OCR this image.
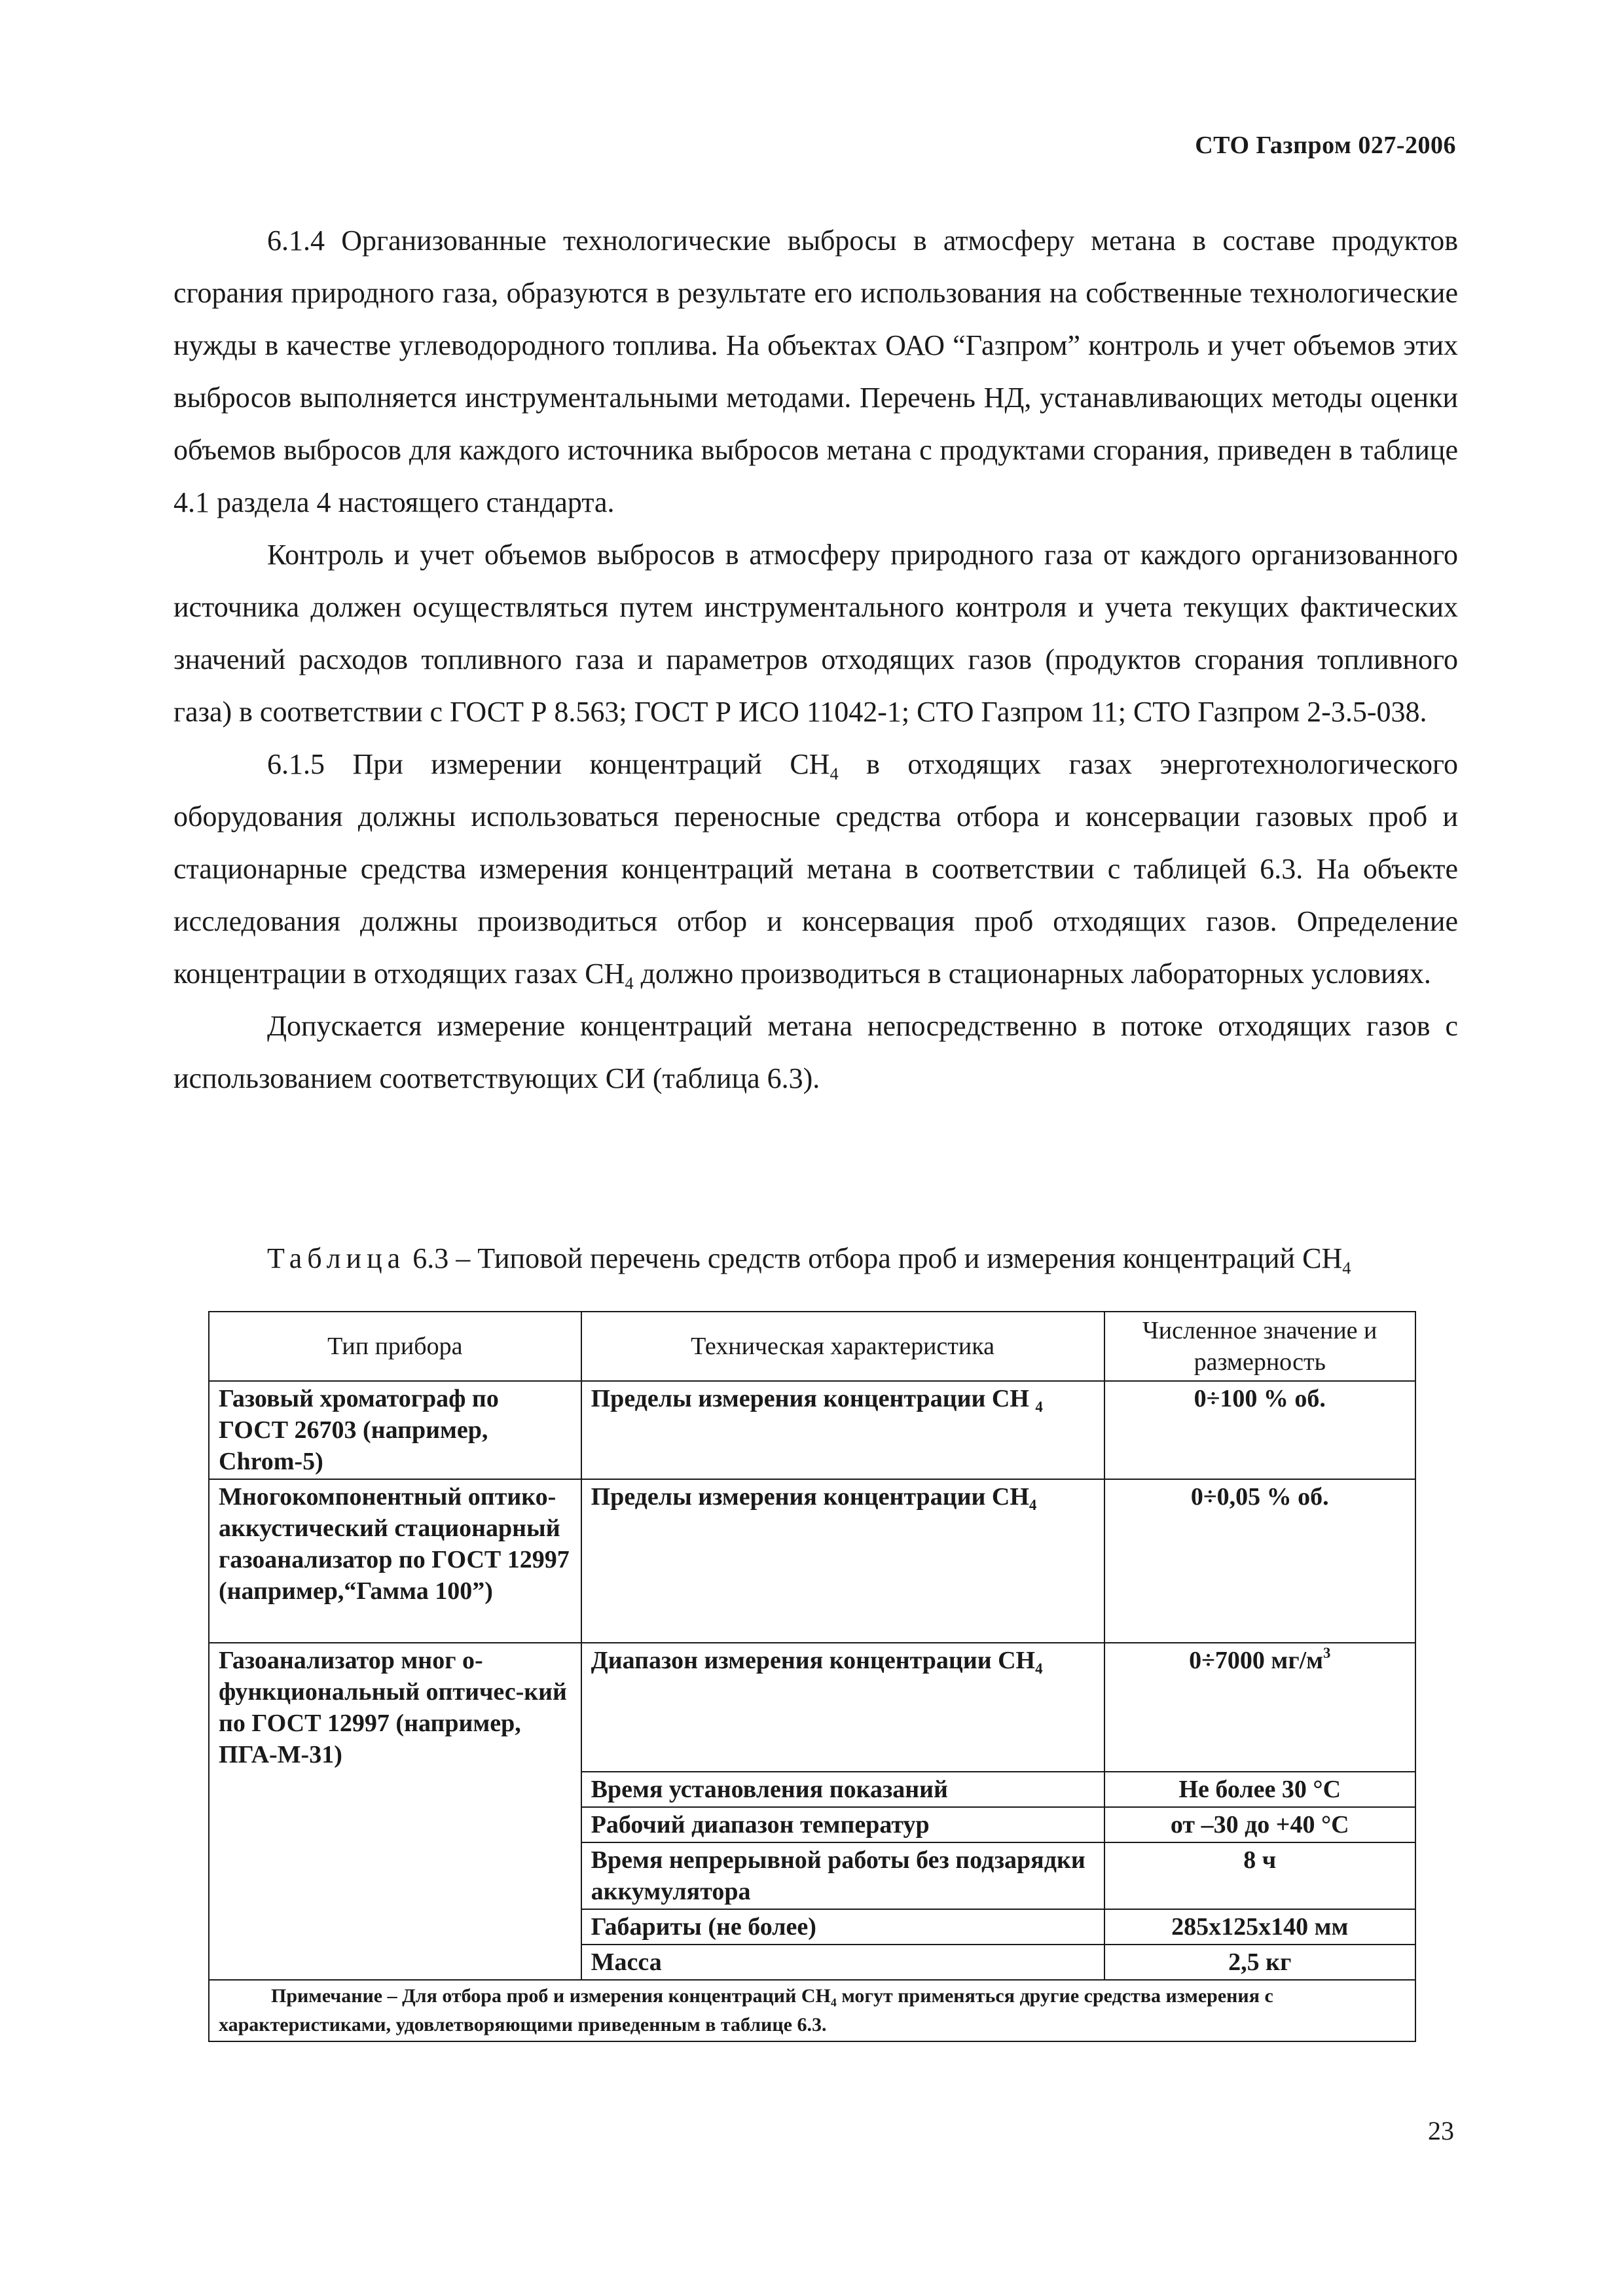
СТО Газпром 027-2006

6.1.4 Организованные технологические выбросы в атмосферу метана в составе продуктов сгорания природного газа, образуются в результате его использования на собственные технологические нужды в качестве углеводородного топлива. На объектах ОАО “Газпром” контроль и учет объемов этих выбросов выполняется инструментальными методами. Перечень НД, устанавливающих методы оценки объемов выбросов для каждого источника выбросов метана с продуктами сгорания, приведен в таблице 4.1 раздела 4 настоящего стандарта.

Контроль и учет объемов выбросов в атмосферу природного газа от каждого организованного источника должен осуществляться путем инструментального контроля и учета текущих фактических значений расходов топливного газа и параметров отходящих газов (продуктов сгорания топливного газа) в соответствии с ГОСТ Р 8.563; ГОСТ Р ИСО 11042-1; СТО Газпром 11; СТО Газпром 2-3.5-038.

6.1.5 При измерении концентраций $CH_4$ в отходящих газах энерготехнологического оборудования должны использоваться переносные средства отбора и консервации газовых проб и стационарные средства измерения концентраций метана в соответствии с таблицей 6.3. На объекте исследования должны производиться отбор и консервация проб отходящих газов. Определение концентрации в отходящих газах $CH_4$ должно производиться в стационарных лабораторных условиях.

Допускается измерение концентраций метана непосредственно в потоке отходящих газов с использованием соответствующих СИ (таблица 6.3).

Таблица 6.3 – Типовой перечень средств отбора проб и измерения концентраций $CH_4$
Тип прибора	Техническая характеристика	Численное значение и размерность
Газовый хроматограф по ГОСТ 26703 (например, Chrom-5)	Пределы измерения концентрации CH $_4$	0÷100 % об.
Многокомпонентный оптико-аккустический стационарный газоанализатор по ГОСТ 12997 (например,“Гамма 100”)	Пределы измерения концентрации $CH_4$	0÷0,05 % об.
Газоанализатор мног о-функциональный оптичес-кий по ГОСТ 12997 (например, ПГА-М-31)	Диапазон измерения концентрации $CH_4$	0÷7000 $мг/м^3$
	Время установления показаний	Не более 30 °С
	Рабочий диапазон температур	от –30 до +40 °С
	Время непрерывной работы без подзарядки аккумулятора	8 ч
	Габариты (не более)	285х125х140 мм
	Масса	2,5 кг
Примечание – Для отбора проб и измерения концентраций $CH_4$ могут применяться другие средства измерения с характеристиками, удовлетворяющими приведенным в таблице 6.3.		
23
